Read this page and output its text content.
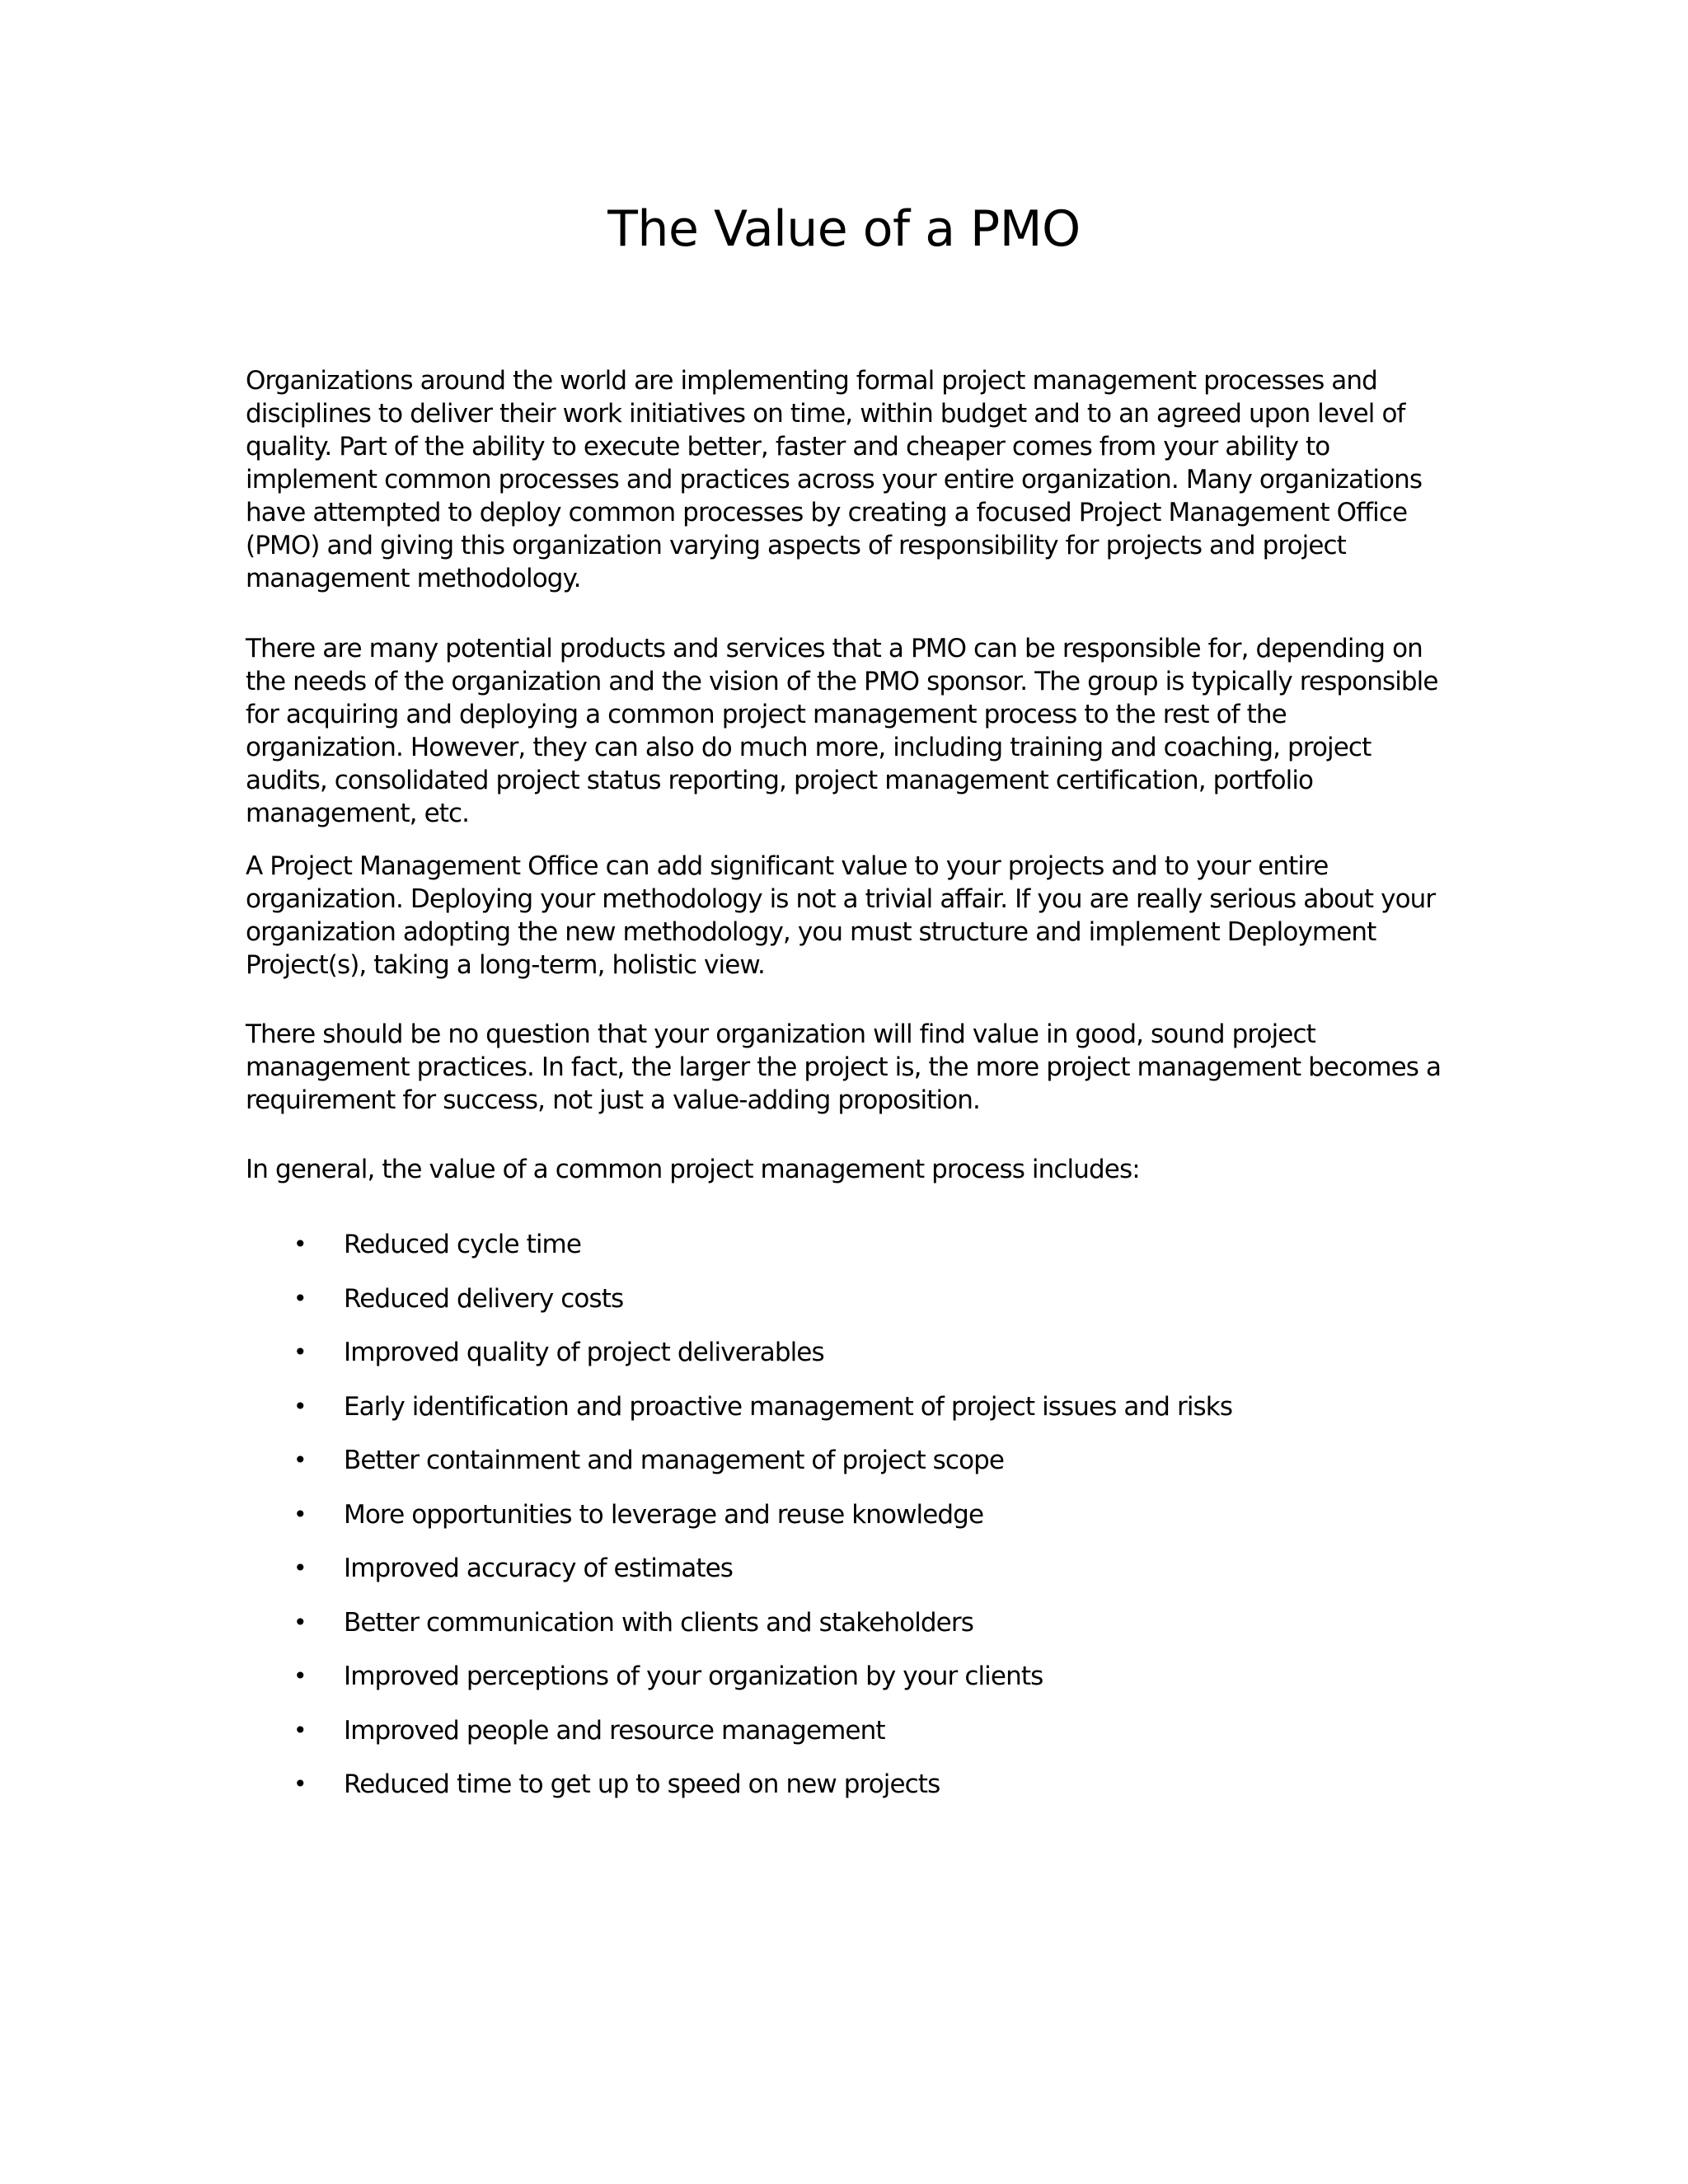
The Value of a PMO

Organizations around the world are implementing formal project management processes and disciplines to deliver their work initiatives on time, within budget and to an agreed upon level of quality. Part of the ability to execute better, faster and cheaper comes from your ability to implement common processes and practices across your entire organization. Many organizations have attempted to deploy common processes by creating a focused Project Management Office (PMO) and giving this organization varying aspects of responsibility for projects and project management methodology.

There are many potential products and services that a PMO can be responsible for, depending on the needs of the organization and the vision of the PMO sponsor. The group is typically responsible for acquiring and deploying a common project management process to the rest of the organization. However, they can also do much more, including training and coaching, project audits, consolidated project status reporting, project management certification, portfolio management, etc.

A Project Management Office can add significant value to your projects and to your entire organization. Deploying your methodology is not a trivial affair. If you are really serious about your organization adopting the new methodology, you must structure and implement Deployment Project(s), taking a long-term, holistic view.

There should be no question that your organization will find value in good, sound project management practices. In fact, the larger the project is, the more project management becomes a requirement for success, not just a value-adding proposition.

In general, the value of a common project management process includes:

• Reduced cycle time
• Reduced delivery costs
• Improved quality of project deliverables
• Early identification and proactive management of project issues and risks
• Better containment and management of project scope
• More opportunities to leverage and reuse knowledge
• Improved accuracy of estimates
• Better communication with clients and stakeholders
• Improved perceptions of your organization by your clients
• Improved people and resource management
• Reduced time to get up to speed on new projects
